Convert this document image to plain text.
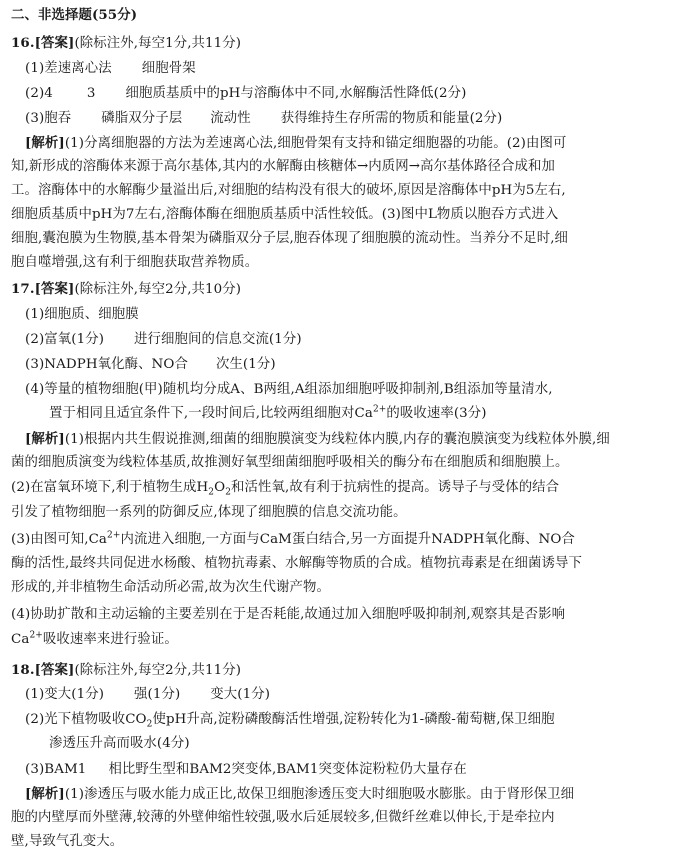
二、非选择题(55分)
16.[答案](除标注外,每空1分,共11分)
(1)差速离心法 细胞骨架
(2)4	3 细胞质基质中的pH与溶酶体中不同,水解酶活性降低(2分)
(3)胞吞 磷脂双分子层 流动性 获得维持生存所需的物质和能量(2分)
[解析](1)分离细胞器的方法为差速离心法,细胞骨架有支持和锚定细胞器的功能。(2)由图可
知,新形成的溶酶体来源于高尔基体,其内的水解酶由核糖体→内质网→高尔基体路径合成和加
工。溶酶体中的水解酶少量溢出后,对细胞的结构没有很大的破坏,原因是溶酶体中pH为5左右,
细胞质基质中pH为7左右,溶酶体酶在细胞质基质中活性较低。(3)图中L物质以胞吞方式进入
细胞,囊泡膜为生物膜,基本骨架为磷脂双分子层,胞吞体现了细胞膜的流动性。当养分不足时,细
胞自噬增强,这有利于细胞获取营养物质。
17.[答案](除标注外,每空2分,共10分)
(1)细胞质、细胞膜
(2)富氧(1分) 进行细胞间的信息交流(1分)
(3)NADPH氧化酶、NO合 次生(1分)
(4)等量的植物细胞(甲)随机均分成A、B两组,A组添加细胞呼吸抑制剂,B组添加等量清水,
置于相同且适宜条件下,一段时间后,比较两组细胞对$Ca^{2+}$的吸收速率(3分)
[解析](1)根据内共生假说推测,细菌的细胞膜演变为线粒体内膜,内存的囊泡膜演变为线粒体外膜,细
菌的细胞质演变为线粒体基质,故推测好氧型细菌细胞呼吸相关的酶分布在细胞质和细胞膜上。
(2)在富氧环境下,利于植物生成$H_2O_2$和活性氧,故有利于抗病性的提高。诱导子与受体的结合
引发了植物细胞一系列的防御反应,体现了细胞膜的信息交流功能。
(3)由图可知$,Ca^{2+}$内流进入细胞,一方面与CaM蛋白结合,另一方面提升NADPH氧化酶、NO合
酶的活性,最终共同促进水杨酸、植物抗毒素、水解酶等物质的合成。植物抗毒素是在细菌诱导下
形成的,并非植物生命活动所必需,故为次生代谢产物。
(4)协助扩散和主动运输的主要差别在于是否耗能,故通过加入细胞呼吸抑制剂,观察其是否影响
$Ca^{2+}$吸收速率来进行验证。
18.[答案](除标注外,每空2分,共11分)
(1)变大(1分) 强(1分) 变大(1分)
(2)光下植物吸收$CO_2$使pH升高,淀粉磷酸酶活性增强,淀粉转化为1-磷酸-葡萄糖,保卫细胞
渗透压升高而吸水(4分)
(3)BAM1 相比野生型和BAM2突变体,BAM1突变体淀粉粒仍大量存在
[解析](1)渗透压与吸水能力成正比,故保卫细胞渗透压变大时细胞吸水膨胀。由于肾形保卫细
胞的内壁厚而外壁薄,较薄的外壁伸缩性较强,吸水后延展较多,但微纤丝难以伸长,于是牵拉内
壁,导致气孔变大。
